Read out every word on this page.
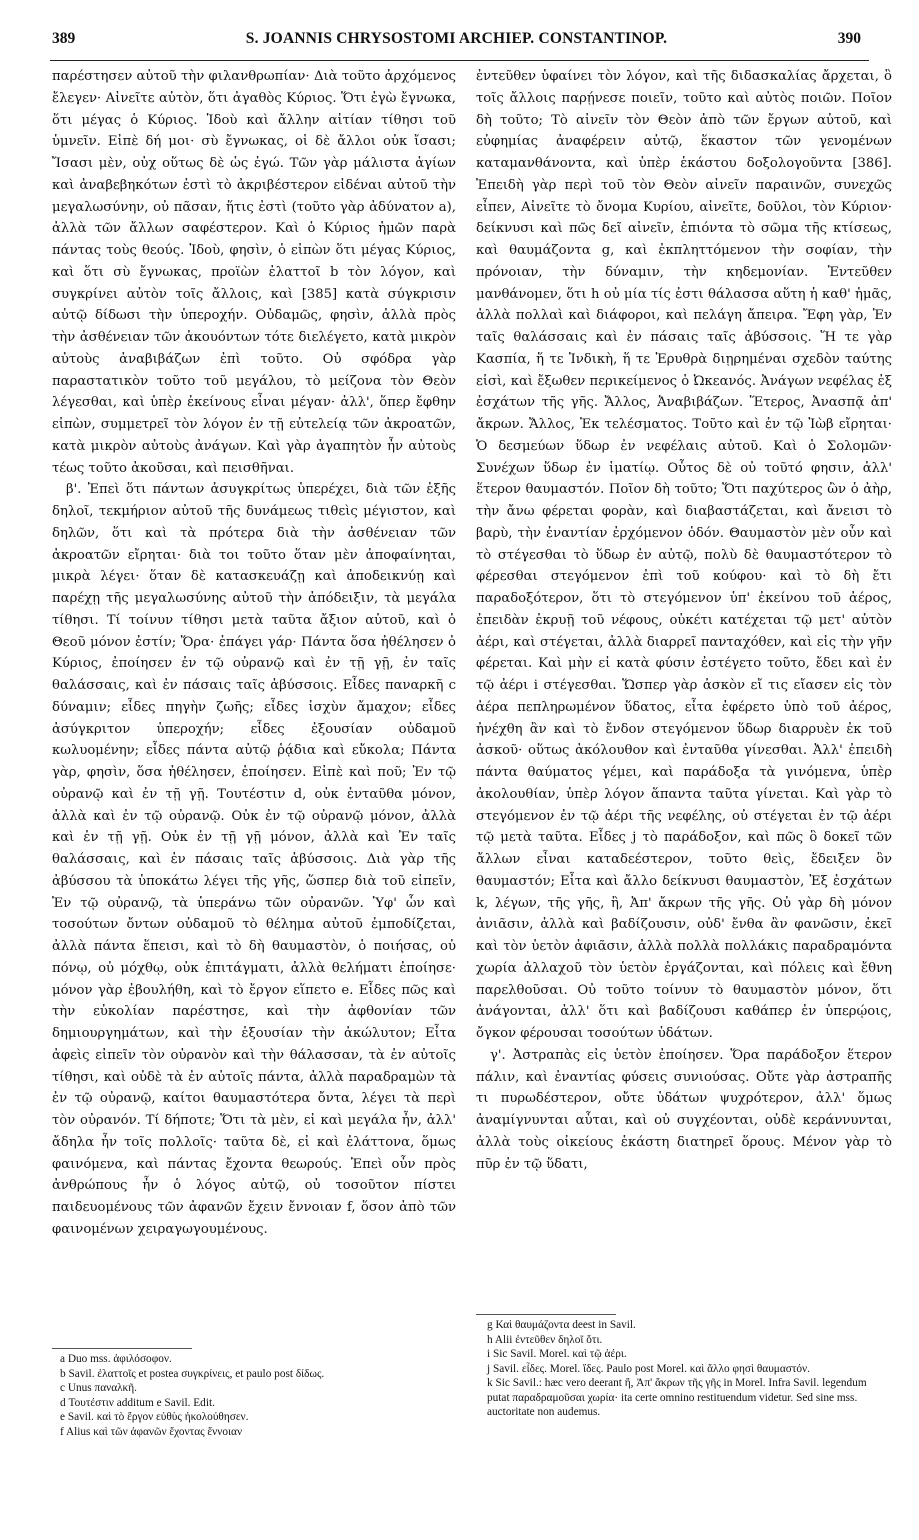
389	S. JOANNIS CHRYSOSTOMI ARCHIEP. CONSTANTINOP.	390

παρέστησεν αὐτοῦ τὴν φιλανθρωπίαν· Διὰ τοῦτο ἀρχόμενος ἔλεγεν· Αἰνεῖτε αὐτὸν, ὅτι ἀγαθὸς Κύριος. Ὅτι ἐγὼ ἔγνωκα, ὅτι μέγας ὁ Κύριος. Ἰδοὺ καὶ ἄλλην αἰτίαν τίθησι τοῦ ὑμνεῖν. Εἰπὲ δή μοι· σὺ ἔγνωκας, οἱ δὲ ἄλλοι οὐκ ἴσασι; Ἴσασι μὲν, οὐχ οὕτως δὲ ὡς ἐγώ. Τῶν γὰρ μάλιστα ἁγίων καὶ ἀναβεβηκότων ἐστὶ τὸ ἀκριβέστερον εἰδέναι αὐτοῦ τὴν μεγαλωσύνην, οὐ πᾶσαν, ἥτις ἐστὶ (τοῦτο γὰρ ἀδύνατον a), ἀλλὰ τῶν ἄλλων σαφέστερον. Καὶ ὁ Κύριος ἡμῶν παρὰ πάντας τοὺς θεούς. Ἰδοὺ, φησὶν, ὁ εἰπὼν ὅτι μέγας Κύριος, καὶ ὅτι σὺ ἔγνωκας, προϊὼν ἐλαττοῖ b τὸν λόγον, καὶ συγκρίνει αὐτὸν τοῖς ἄλλοις, καὶ [385] κατὰ σύγκρισιν αὐτῷ δίδωσι τὴν ὑπεροχήν. Οὐδαμῶς, φησὶν, ἀλλὰ πρὸς τὴν ἀσθένειαν τῶν ἀκουόντων τότε διελέγετο, κατὰ μικρὸν αὐτοὺς ἀναβιβάζων ἐπὶ τοῦτο. Οὐ σφόδρα γὰρ παραστατικὸν τοῦτο τοῦ μεγάλου, τὸ μείζονα τὸν Θεὸν λέγεσθαι, καὶ ὑπὲρ ἐκείνους εἶναι μέγαν· ἀλλ', ὅπερ ἔφθην εἰπὼν, συμμετρεῖ τὸν λόγον ἐν τῇ εὐτελείᾳ τῶν ἀκροατῶν, κατὰ μικρὸν αὐτοὺς ἀνάγων. Καὶ γὰρ ἀγαπητὸν ἦν αὐτοὺς τέως τοῦτο ἀκοῦσαι, καὶ πεισθῆναι.

β'. Ἐπεὶ ὅτι πάντων ἀσυγκρίτως ὑπερέχει, διὰ τῶν ἑξῆς δηλοῖ, τεκμήριον αὐτοῦ τῆς δυνάμεως τιθεὶς μέγιστον, καὶ δηλῶν, ὅτι καὶ τὰ πρότερα διὰ τὴν ἀσθένειαν τῶν ἀκροατῶν εἴρηται· διὰ τοι τοῦτο ὅταν μὲν ἀποφαίνηται, μικρὰ λέγει· ὅταν δὲ κατασκευάζῃ καὶ ἀποδεικνύῃ καὶ παρέχῃ τῆς μεγαλωσύνης αὐτοῦ τὴν ἀπόδειξιν, τὰ μεγάλα τίθησι. Τί τοίνυν τίθησι μετὰ ταῦτα ἄξιον αὐτοῦ, καὶ ὁ Θεοῦ μόνον ἐστίν; Ὅρα· ἐπάγει γάρ· Πάντα ὅσα ἠθέλησεν ὁ Κύριος, ἐποίησεν ἐν τῷ οὐρανῷ καὶ ἐν τῇ γῇ, ἐν ταῖς θαλάσσαις, καὶ ἐν πάσαις ταῖς ἀβύσσοις. Εἶδες παναρκῆ c δύναμιν; εἶδες πηγὴν ζωῆς; εἶδες ἰσχὺν ἄμαχον; εἶδες ἀσύγκριτον ὑπεροχήν; εἶδες ἐξουσίαν οὐδαμοῦ κωλυομένην; εἶδες πάντα αὐτῷ ῥᾴδια καὶ εὔκολα; Πάντα γὰρ, φησὶν, ὅσα ἠθέλησεν, ἐποίησεν. Εἰπὲ καὶ ποῦ; Ἐν τῷ οὐρανῷ καὶ ἐν τῇ γῇ. Τουτέστιν d, οὐκ ἐνταῦθα μόνον, ἀλλὰ καὶ ἐν τῷ οὐρανῷ. Οὐκ ἐν τῷ οὐρανῷ μόνον, ἀλλὰ καὶ ἐν τῇ γῇ. Οὐκ ἐν τῇ γῇ μόνον, ἀλλὰ καὶ Ἐν ταῖς θαλάσσαις, καὶ ἐν πάσαις ταῖς ἀβύσσοις. Διὰ γὰρ τῆς ἀβύσσου τὰ ὑποκάτω λέγει τῆς γῆς, ὥσπερ διὰ τοῦ εἰπεῖν, Ἐν τῷ οὐρανῷ, τὰ ὑπεράνω τῶν οὐρανῶν. Ὑφ' ὧν καὶ τοσούτων ὄντων οὐδαμοῦ τὸ θέλημα αὐτοῦ ἐμποδίζεται, ἀλλὰ πάντα ἕπεισι, καὶ τὸ δὴ θαυμαστὸν, ὁ ποιήσας, οὐ πόνῳ, οὐ μόχθῳ, οὐκ ἐπιτάγματι, ἀλλὰ θελήματι ἐποίησε· μόνον γὰρ ἐβουλήθη, καὶ τὸ ἔργον εἵπετο e. Εἶδες πῶς καὶ τὴν εὐκολίαν παρέστησε, καὶ τὴν ἀφθονίαν τῶν δημιουργημάτων, καὶ τὴν ἐξουσίαν τὴν ἀκώλυτον; Εἶτα ἀφεὶς εἰπεῖν τὸν οὐρανὸν καὶ τὴν θάλασσαν, τὰ ἐν αὐτοῖς τίθησι, καὶ οὐδὲ τὰ ἐν αὐτοῖς πάντα, ἀλλὰ παραδραμὼν τὰ ἐν τῷ οὐρανῷ, καίτοι θαυμαστότερα ὄντα, λέγει τὰ περὶ τὸν οὐρανόν. Τί δήποτε; Ὅτι τὰ μὲν, εἰ καὶ μεγάλα ἦν, ἀλλ' ἄδηλα ἦν τοῖς πολλοῖς· ταῦτα δὲ, εἰ καὶ ἐλάττονα, ὅμως φαινόμενα, καὶ πάντας ἔχοντα θεωρούς. Ἐπεὶ οὖν πρὸς ἀνθρώπους ἦν ὁ λόγος αὐτῷ, οὐ τοσοῦτον πίστει παιδευομένους τῶν ἀφανῶν ἔχειν ἔννοιαν f, ὅσον ἀπὸ τῶν φαινομένων χειραγωγουμένους.

a Duo mss. ἀφιλόσοφον.

b Savil. ἐλαττοῖς et postea συγκρίνεις, et paulo post δίδως.

c Unus παναλκῆ.

d Τουτέστιν additum e Savil. Edit.

e Savil. καὶ τὸ ἔργον εὐθὺς ἠκολούθησεν.

f Alius καὶ τῶν ἀφανῶν ἔχοντας ἔννοιαν

ἐντεῦθεν ὑφαίνει τὸν λόγον, καὶ τῆς διδασκαλίας ἄρχεται, ὃ τοῖς ἄλλοις παρῄνεσε ποιεῖν, τοῦτο καὶ αὐτὸς ποιῶν. Ποῖον δὴ τοῦτο; Τὸ αἰνεῖν τὸν Θεὸν ἀπὸ τῶν ἔργων αὐτοῦ, καὶ εὐφημίας ἀναφέρειν αὐτῷ, ἕκαστον τῶν γενομένων καταμανθάνοντα, καὶ ὑπὲρ ἑκάστου δοξολογοῦντα [386]. Ἐπειδὴ γὰρ περὶ τοῦ τὸν Θεὸν αἰνεῖν παραινῶν, συνεχῶς εἶπεν, Αἰνεῖτε τὸ ὄνομα Κυρίου, αἰνεῖτε, δοῦλοι, τὸν Κύριον· δείκνυσι καὶ πῶς δεῖ αἰνεῖν, ἐπιόντα τὸ σῶμα τῆς κτίσεως, καὶ θαυμάζοντα g, καὶ ἐκπληττόμενον τὴν σοφίαν, τὴν πρόνοιαν, τὴν δύναμιν, τὴν κηδεμονίαν. Ἐντεῦθεν μανθάνομεν, ὅτι h οὐ μία τίς ἐστι θάλασσα αὕτη ἡ καθ' ἡμᾶς, ἀλλὰ πολλαὶ καὶ διάφοροι, καὶ πελάγη ἄπειρα. Ἔφη γὰρ, Ἐν ταῖς θαλάσσαις καὶ ἐν πάσαις ταῖς ἀβύσσοις. Ἥ τε γὰρ Κασπία, ἥ τε Ἰνδικὴ, ἥ τε Ἐρυθρὰ διῃρημέναι σχεδὸν ταύτης εἰσὶ, καὶ ἔξωθεν περικείμενος ὁ Ὠκεανός. Ἀνάγων νεφέλας ἐξ ἐσχάτων τῆς γῆς. Ἄλλος, Ἀναβιβάζων. Ἕτερος, Ἀνασπᾷ ἀπ' ἄκρων. Ἄλλος, Ἐκ τελέσματος. Τοῦτο καὶ ἐν τῷ Ἰὼβ εἴρηται· Ὁ δεσμεύων ὕδωρ ἐν νεφέλαις αὐτοῦ. Καὶ ὁ Σολομῶν· Συνέχων ὕδωρ ἐν ἱματίῳ. Οὗτος δὲ οὐ τοῦτό φησιν, ἀλλ' ἕτερον θαυμαστόν. Ποῖον δὴ τοῦτο; Ὅτι παχύτερος ὢν ὁ ἀὴρ, τὴν ἄνω φέρεται φορὰν, καὶ διαβαστάζεται, καὶ ἄνεισι τὸ βαρὺ, τὴν ἐναντίαν ἐρχόμενον ὁδόν. Θαυμαστὸν μὲν οὖν καὶ τὸ στέγεσθαι τὸ ὕδωρ ἐν αὐτῷ, πολὺ δὲ θαυμαστότερον τὸ φέρεσθαι στεγόμενον ἐπὶ τοῦ κούφου· καὶ τὸ δὴ ἔτι παραδοξότερον, ὅτι τὸ στεγόμενον ὑπ' ἐκείνου τοῦ ἀέρος, ἐπειδὰν ἐκρυῇ τοῦ νέφους, οὐκέτι κατέχεται τῷ μετ' αὐτὸν ἀέρι, καὶ στέγεται, ἀλλὰ διαρρεῖ πανταχόθεν, καὶ εἰς τὴν γῆν φέρεται. Καὶ μὴν εἰ κατὰ φύσιν ἐστέγετο τοῦτο, ἔδει καὶ ἐν τῷ ἀέρι i στέγεσθαι. Ὥσπερ γὰρ ἀσκὸν εἴ τις εἴασεν εἰς τὸν ἀέρα πεπληρωμένον ὕδατος, εἶτα ἐφέρετο ὑπὸ τοῦ ἀέρος, ἠνέχθη ἂν καὶ τὸ ἔνδον στεγόμενον ὕδωρ διαρρυὲν ἐκ τοῦ ἀσκοῦ· οὕτως ἀκόλουθον καὶ ἐνταῦθα γίνεσθαι. Ἀλλ' ἐπειδὴ πάντα θαύματος γέμει, καὶ παράδοξα τὰ γινόμενα, ὑπὲρ ἀκολουθίαν, ὑπὲρ λόγον ἅπαντα ταῦτα γίνεται. Καὶ γὰρ τὸ στεγόμενον ἐν τῷ ἀέρι τῆς νεφέλης, οὐ στέγεται ἐν τῷ ἀέρι τῷ μετὰ ταῦτα. Εἶδες j τὸ παράδοξον, καὶ πῶς ὃ δοκεῖ τῶν ἄλλων εἶναι καταδεέστερον, τοῦτο θεὶς, ἔδειξεν ὂν θαυμαστόν; Εἶτα καὶ ἄλλο δείκνυσι θαυμαστὸν, Ἐξ ἐσχάτων k, λέγων, τῆς γῆς, ἢ, Ἀπ' ἄκρων τῆς γῆς. Οὐ γὰρ δὴ μόνον ἀνιᾶσιν, ἀλλὰ καὶ βαδίζουσιν, οὐδ' ἔνθα ἂν φανῶσιν, ἐκεῖ καὶ τὸν ὑετὸν ἀφιᾶσιν, ἀλλὰ πολλὰ πολλάκις παραδραμόντα χωρία ἀλλαχοῦ τὸν ὑετὸν ἐργάζονται, καὶ πόλεις καὶ ἔθνη παρελθοῦσαι. Οὐ τοῦτο τοίνυν τὸ θαυμαστὸν μόνον, ὅτι ἀνάγονται, ἀλλ' ὅτι καὶ βαδίζουσι καθάπερ ἐν ὑπερῴοις, ὄγκον φέρουσαι τοσούτων ὑδάτων.

γ'. Ἀστραπὰς εἰς ὑετὸν ἐποίησεν. Ὅρα παράδοξον ἕτερον πάλιν, καὶ ἐναντίας φύσεις συνιούσας. Οὔτε γὰρ ἀστραπῆς τι πυρωδέστερον, οὔτε ὑδάτων ψυχρότερον, ἀλλ' ὅμως ἀναμίγνυνται αὗται, καὶ οὐ συγχέονται, οὐδὲ κεράννυνται, ἀλλὰ τοὺς οἰκείους ἑκάστη διατηρεῖ ὅρους. Μένον γὰρ τὸ πῦρ ἐν τῷ ὕδατι,

g Καὶ θαυμάζοντα deest in Savil.

h Alii ἐντεῦθεν δηλοῖ ὅτι.

i Sic Savil. Morel. καὶ τῷ ἀέρι.

j Savil. εἶδες. Morel. ἴδες. Paulo post Morel. καὶ ἄλλο φησὶ θαυμαστόν.

k Sic Savil.: hæc vero deerant ἤ, Ἀπ' ἄκρων τῆς γῆς in Morel. Infra Savil. legendum putat παραδραμοῦσαι χωρία· ita certe omnino restituendum videtur. Sed sine mss. auctoritate non audemus.
